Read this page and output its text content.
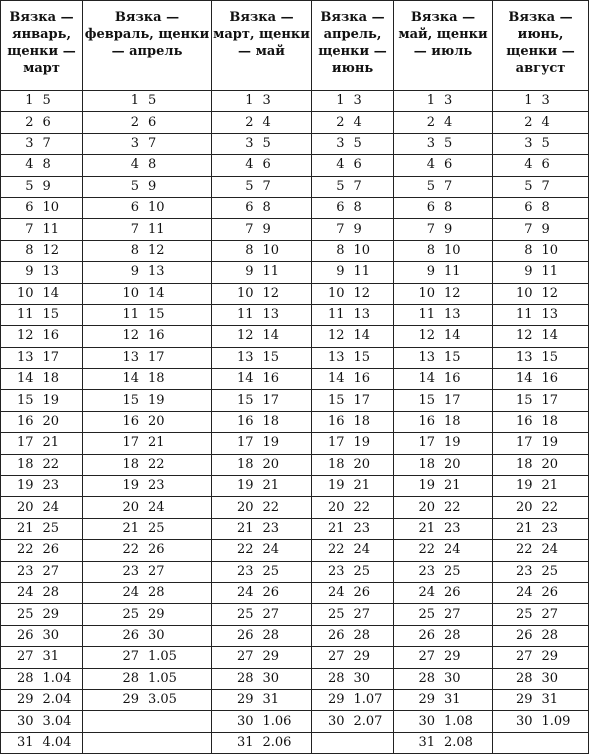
Вязка — январь, щенки — март	Вязка — февраль, щенки — апрель	Вязка — март, щенки — май	Вязка — апрель, щенки — июнь	Вязка — май, щенки — июль	Вязка — июнь, щенки — август

1 5	1 5	1 3	1 3	1 3	1 3

2 6	2 6	2 4	2 4	2 4	2 4

3 7	3 7	3 5	3 5	3 5	3 5

4 8	4 8	4 6	4 6	4 6	4 6

5 9	5 9	5 7	5 7	5 7	5 7

6 10	6 10	6 8	6 8	6 8	6 8

7 11	7 11	7 9	7 9	7 9	7 9

8 12	8 12	8 10	8 10	8 10	8 10

9 13	9 13	9 11	9 11	9 11	9 11

10 14	10 14	10 12	10 12	10 12	10 12

11 15	11 15	11 13	11 13	11 13	11 13

12 16	12 16	12 14	12 14	12 14	12 14

13 17	13 17	13 15	13 15	13 15	13 15

14 18	14 18	14 16	14 16	14 16	14 16

15 19	15 19	15 17	15 17	15 17	15 17

16 20	16 20	16 18	16 18	16 18	16 18

17 21	17 21	17 19	17 19	17 19	17 19

18 22	18 22	18 20	18 20	18 20	18 20

19 23	19 23	19 21	19 21	19 21	19 21

20 24	20 24	20 22	20 22	20 22	20 22

21 25	21 25	21 23	21 23	21 23	21 23

22 26	22 26	22 24	22 24	22 24	22 24

23 27	23 27	23 25	23 25	23 25	23 25

24 28	24 28	24 26	24 26	24 26	24 26

25 29	25 29	25 27	25 27	25 27	25 27

26 30	26 30	26 28	26 28	26 28	26 28

27 31	27 1.05	27 29	27 29	27 29	27 29

28 1.04	28 1.05	28 30	28 30	28 30	28 30

29 2.04	29 3.05	29 31	29 1.07	29 31	29 31

30 3.04		30 1.06	30 2.07	30 1.08	30 1.09

31 4.04		31 2.06		31 2.08	
